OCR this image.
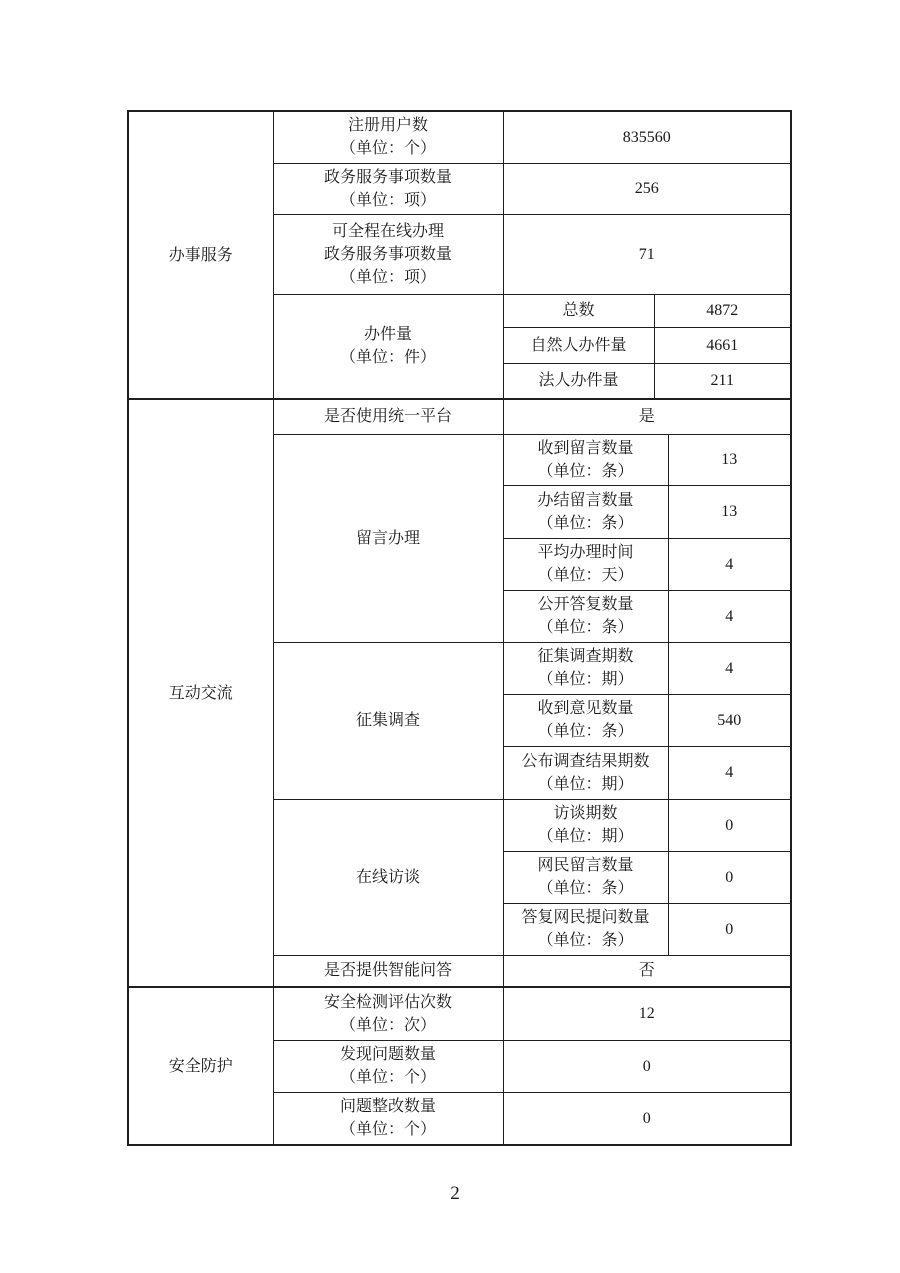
办事服务	注册用户数
（单位：个）	835560		

	政务服务事项数量
（单位：项）	256		

	可全程在线办理
政务服务事项数量
（单位：项）	71		

	办件量
（单位：件）	总数	4872	
		自然人办件量	4661	
		法人办件量	211	

互动交流	是否使用统一平台	是		
	留言办理	收到留言数量
（单位：条）		13

		办结留言数量
（单位：条）		13

		平均办理时间
（单位：天）		4

		公开答复数量
（单位：条）		4
	征集调查	征集调查期数
（单位：期）		4

		收到意见数量
（单位：条）		540

		公布调查结果期数
（单位：期）		4
	在线访谈	访谈期数
（单位：期）		0

		网民留言数量
（单位：条）		0

		答复网民提问数量
（单位：条）		0
	是否提供智能问答	否		

安全防护	安全检测评估次数
（单位：次）	12		

	发现问题数量
（单位：个）	0		

	问题整改数量
（单位：个）	0		
2
